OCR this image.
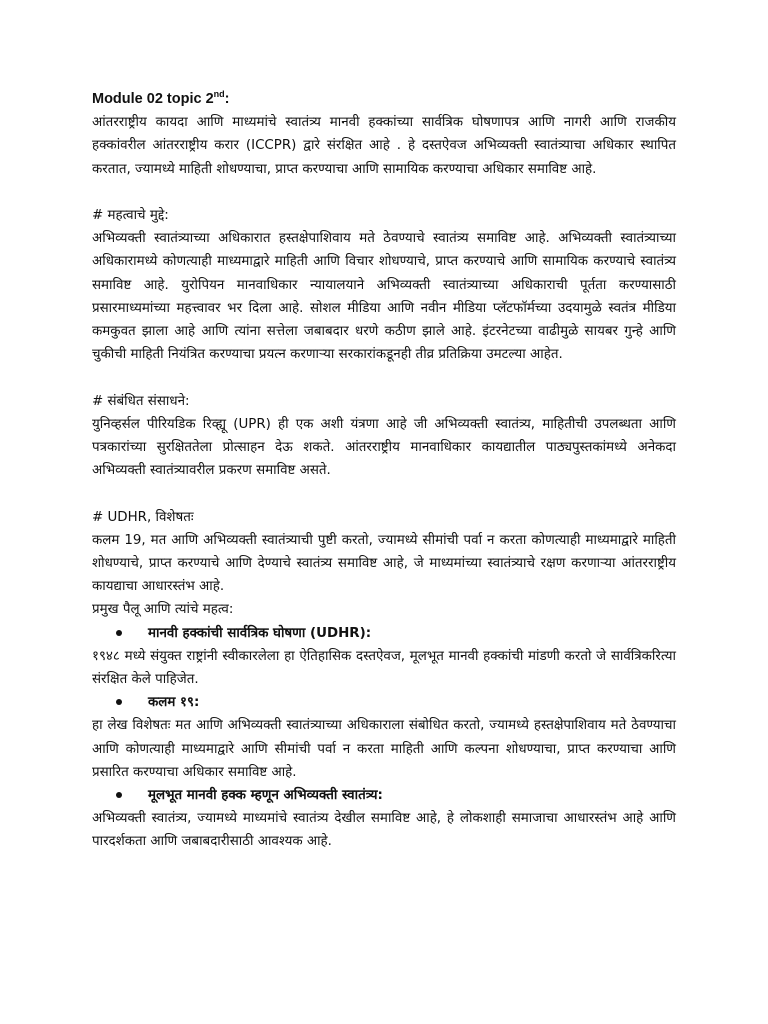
Module 02 topic 2nd:

आंतरराष्ट्रीय कायदा आणि माध्यमांचे स्वातंत्र्य मानवी हक्कांच्या सार्वत्रिक घोषणापत्र आणि नागरी आणि राजकीय हक्कांवरील आंतरराष्ट्रीय करार (ICCPR) द्वारे संरक्षित आहे . हे दस्तऐवज अभिव्यक्ती स्वातंत्र्याचा अधिकार स्थापित करतात, ज्यामध्ये माहिती शोधण्याचा, प्राप्त करण्याचा आणि सामायिक करण्याचा अधिकार समाविष्ट आहे.

# महत्वाचे मुद्दे:

अभिव्यक्ती स्वातंत्र्याच्या अधिकारात हस्तक्षेपाशिवाय मते ठेवण्याचे स्वातंत्र्य समाविष्ट आहे. अभिव्यक्ती स्वातंत्र्याच्या अधिकारामध्ये कोणत्याही माध्यमाद्वारे माहिती आणि विचार शोधण्याचे, प्राप्त करण्याचे आणि सामायिक करण्याचे स्वातंत्र्य समाविष्ट आहे. युरोपियन मानवाधिकार न्यायालयाने अभिव्यक्ती स्वातंत्र्याच्या अधिकाराची पूर्तता करण्यासाठी प्रसारमाध्यमांच्या महत्त्वावर भर दिला आहे. सोशल मीडिया आणि नवीन मीडिया प्लॅटफॉर्मच्या उदयामुळे स्वतंत्र मीडिया कमकुवत झाला आहे आणि त्यांना सत्तेला जबाबदार धरणे कठीण झाले आहे. इंटरनेटच्या वाढीमुळे सायबर गुन्हे आणि चुकीची माहिती नियंत्रित करण्याचा प्रयत्न करणाऱ्या सरकारांकडूनही तीव्र प्रतिक्रिया उमटल्या आहेत.

# संबंधित संसाधने:

युनिव्हर्सल पीरियडिक रिव्ह्यू (UPR) ही एक अशी यंत्रणा आहे जी अभिव्यक्ती स्वातंत्र्य, माहितीची उपलब्धता आणि पत्रकारांच्या सुरक्षिततेला प्रोत्साहन देऊ शकते. आंतरराष्ट्रीय मानवाधिकार कायद्यातील पाठ्यपुस्तकांमध्ये अनेकदा अभिव्यक्ती स्वातंत्र्यावरील प्रकरण समाविष्ट असते.

# UDHR, विशेषतः

कलम 19, मत आणि अभिव्यक्ती स्वातंत्र्याची पुष्टी करतो, ज्यामध्ये सीमांची पर्वा न करता कोणत्याही माध्यमाद्वारे माहिती शोधण्याचे, प्राप्त करण्याचे आणि देण्याचे स्वातंत्र्य समाविष्ट आहे, जे माध्यमांच्या स्वातंत्र्याचे रक्षण करणाऱ्या आंतरराष्ट्रीय कायद्याचा आधारस्तंभ आहे.

प्रमुख पैलू आणि त्यांचे महत्व:

मानवी हक्कांची सार्वत्रिक घोषणा (UDHR):

१९४८ मध्ये संयुक्त राष्ट्रांनी स्वीकारलेला हा ऐतिहासिक दस्तऐवज, मूलभूत मानवी हक्कांची मांडणी करतो जे सार्वत्रिकरित्या संरक्षित केले पाहिजेत.

कलम १९:

हा लेख विशेषतः मत आणि अभिव्यक्ती स्वातंत्र्याच्या अधिकाराला संबोधित करतो, ज्यामध्ये हस्तक्षेपाशिवाय मते ठेवण्याचा आणि कोणत्याही माध्यमाद्वारे आणि सीमांची पर्वा न करता माहिती आणि कल्पना शोधण्याचा, प्राप्त करण्याचा आणि प्रसारित करण्याचा अधिकार समाविष्ट आहे.

मूलभूत मानवी हक्क म्हणून अभिव्यक्ती स्वातंत्र्य:

अभिव्यक्ती स्वातंत्र्य, ज्यामध्ये माध्यमांचे स्वातंत्र्य देखील समाविष्ट आहे, हे लोकशाही समाजाचा आधारस्तंभ आहे आणि पारदर्शकता आणि जबाबदारीसाठी आवश्यक आहे.
